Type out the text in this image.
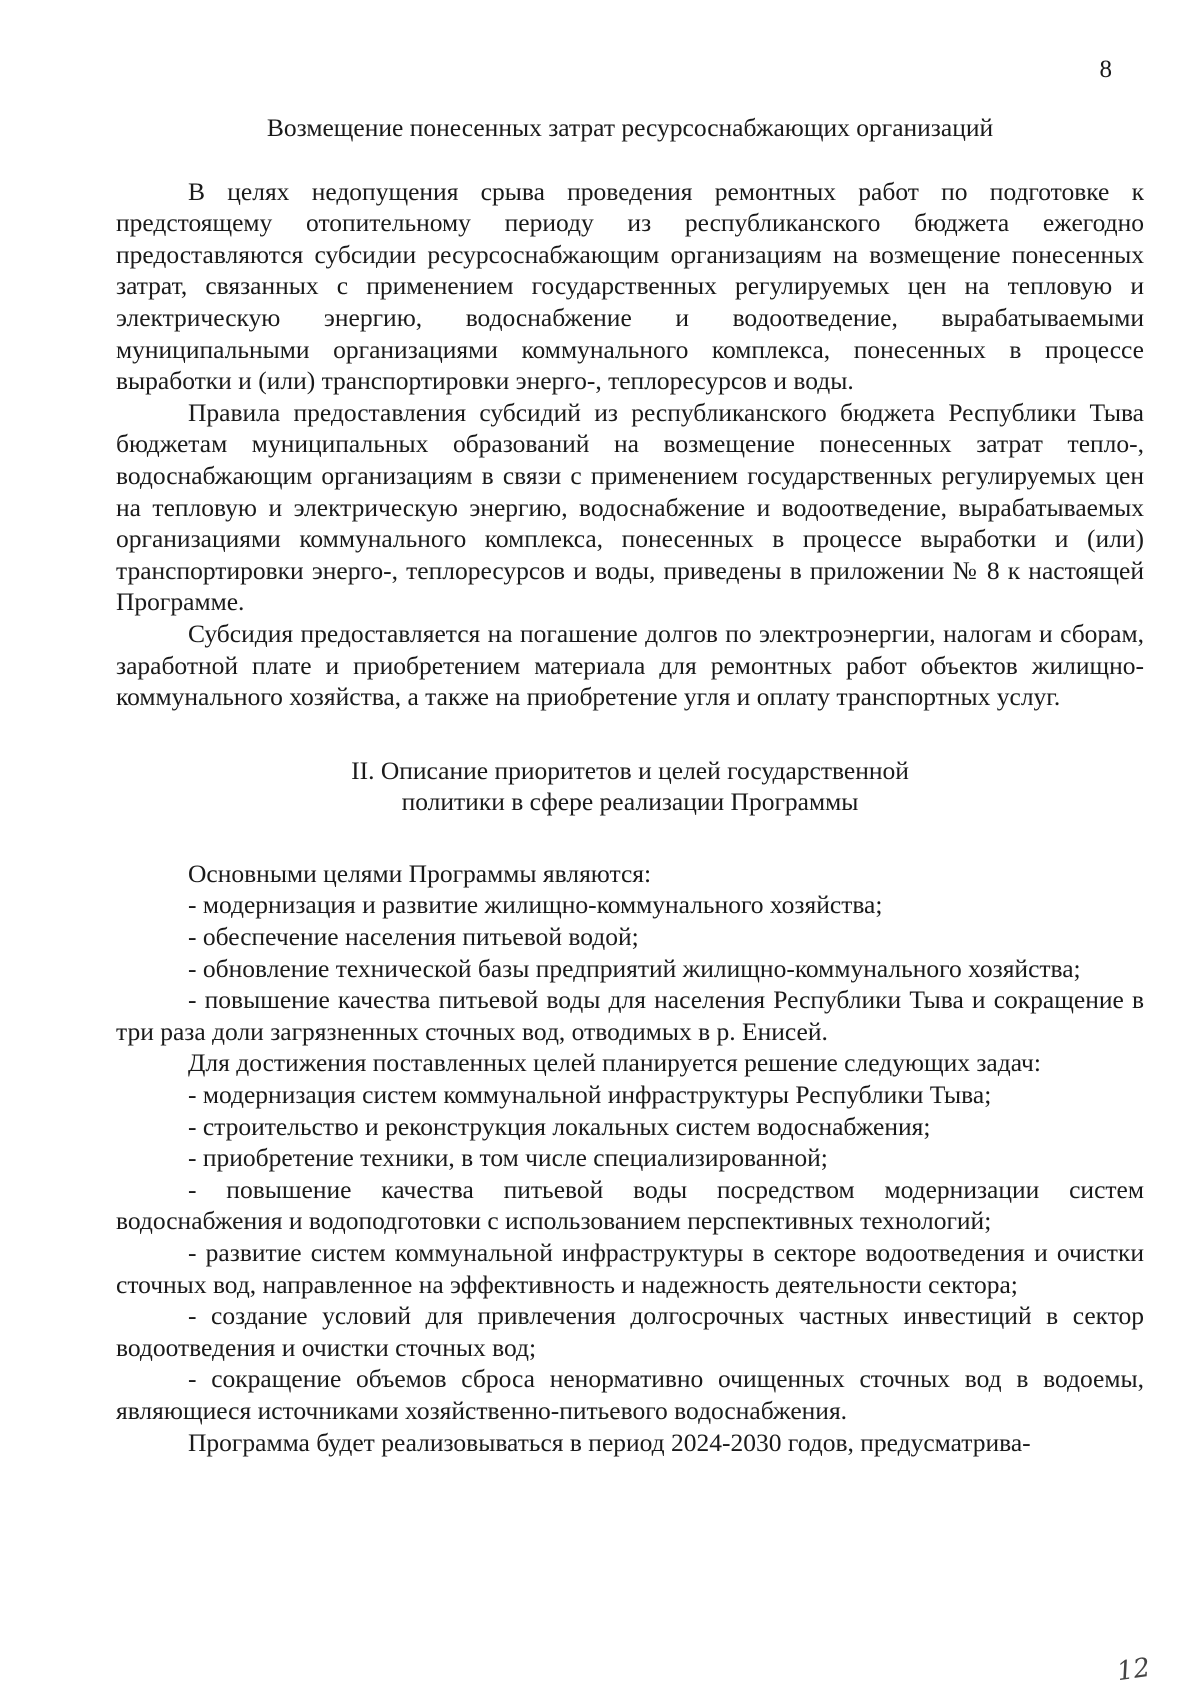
8
Возмещение понесенных затрат ресурсоснабжающих организаций

В целях недопущения срыва проведения ремонтных работ по подготовке к предстоящему отопительному периоду из республиканского бюджета ежегодно предоставляются субсидии ресурсоснабжающим организациям на возмещение понесенных затрат, связанных с применением государственных регулируемых цен на тепловую и электрическую энергию, водоснабжение и водоотведение, вырабатываемыми муниципальными организациями коммунального комплекса, понесенных в процессе выработки и (или) транспортировки энерго-, теплоресурсов и воды.

Правила предоставления субсидий из республиканского бюджета Республики Тыва бюджетам муниципальных образований на возмещение понесенных затрат тепло-, водоснабжающим организациям в связи с применением государственных регулируемых цен на тепловую и электрическую энергию, водоснабжение и водоотведение, вырабатываемых организациями коммунального комплекса, понесенных в процессе выработки и (или) транспортировки энерго-, теплоресурсов и воды, приведены в приложении № 8 к настоящей Программе.

Субсидия предоставляется на погашение долгов по электроэнергии, налогам и сборам, заработной плате и приобретением материала для ремонтных работ объектов жилищно-коммунального хозяйства, а также на приобретение угля и оплату транспортных услуг.

II. Описание приоритетов и целей государственной
политики в сфере реализации Программы

Основными целями Программы являются:

- модернизация и развитие жилищно-коммунального хозяйства;

- обеспечение населения питьевой водой;

- обновление технической базы предприятий жилищно-коммунального хозяйства;

- повышение качества питьевой воды для населения Республики Тыва и сокращение в три раза доли загрязненных сточных вод, отводимых в р. Енисей.

Для достижения поставленных целей планируется решение следующих задач:

- модернизация систем коммунальной инфраструктуры Республики Тыва;

- строительство и реконструкция локальных систем водоснабжения;

- приобретение техники, в том числе специализированной;

- повышение качества питьевой воды посредством модернизации систем водоснабжения и водоподготовки с использованием перспективных технологий;

- развитие систем коммунальной инфраструктуры в секторе водоотведения и очистки сточных вод, направленное на эффективность и надежность деятельности сектора;

- создание условий для привлечения долгосрочных частных инвестиций в сектор водоотведения и очистки сточных вод;

- сокращение объемов сброса ненормативно очищенных сточных вод в водоемы, являющиеся источниками хозяйственно-питьевого водоснабжения.

Программа будет реализовываться в период 2024-2030 годов, предусматрива-

12
